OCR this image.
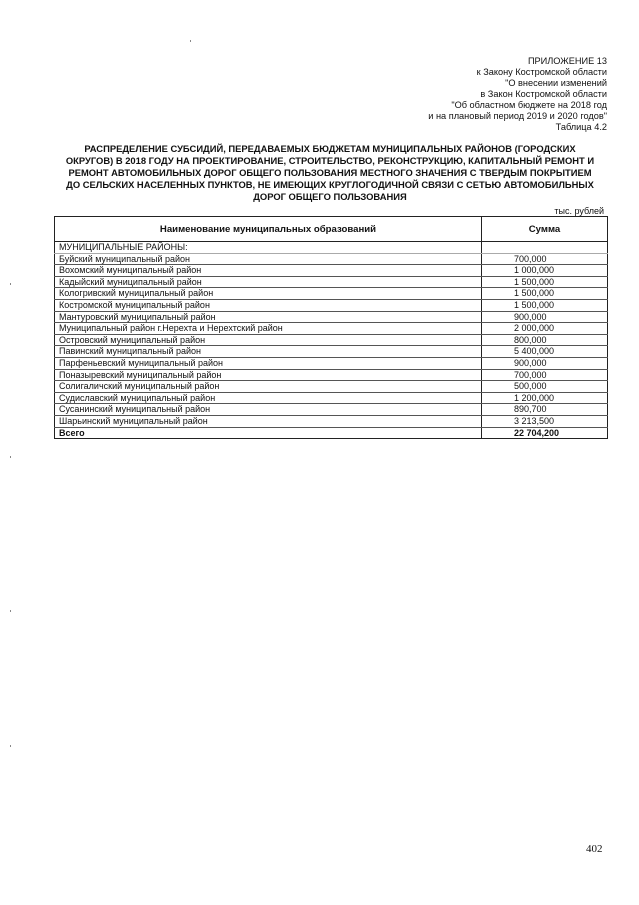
ПРИЛОЖЕНИЕ 13
к Закону Костромской области
"О внесении изменений
в Закон Костромской области
"Об областном бюджете на 2018 год
и на плановый период 2019 и 2020 годов"
Таблица 4.2
РАСПРЕДЕЛЕНИЕ СУБСИДИЙ, ПЕРЕДАВАЕМЫХ БЮДЖЕТАМ МУНИЦИПАЛЬНЫХ РАЙОНОВ (ГОРОДСКИХ
ОКРУГОВ) В 2018 ГОДУ НА ПРОЕКТИРОВАНИЕ, СТРОИТЕЛЬСТВО, РЕКОНСТРУКЦИЮ, КАПИТАЛЬНЫЙ РЕМОНТ И
РЕМОНТ АВТОМОБИЛЬНЫХ ДОРОГ ОБЩЕГО ПОЛЬЗОВАНИЯ МЕСТНОГО ЗНАЧЕНИЯ С ТВЕРДЫМ ПОКРЫТИЕМ
ДО СЕЛЬСКИХ НАСЕЛЕННЫХ ПУНКТОВ, НЕ ИМЕЮЩИХ КРУГЛОГОДИЧНОЙ СВЯЗИ С СЕТЬЮ АВТОМОБИЛЬНЫХ
ДОРОГ ОБЩЕГО ПОЛЬЗОВАНИЯ
тыс. рублей
Наименование муниципальных образований	Сумма
МУНИЦИПАЛЬНЫЕ РАЙОНЫ:	
Буйский муниципальный район	700,000
Вохомский муниципальный район	1 000,000
Кадыйский муниципальный район	1 500,000
Кологривский муниципальный район	1 500,000
Костромской муниципальный район	1 500,000
Мантуровский муниципальный район	900,000
Муниципальный район г.Нерехта и Нерехтский район	2 000,000
Островский муниципальный район	800,000
Павинский муниципальный район	5 400,000
Парфеньевский муниципальный район	900,000
Поназыревский муниципальный район	700,000
Солигаличский муниципальный район	500,000
Судиславский муниципальный район	1 200,000
Сусанинский муниципальный район	890,700
Шарьинский муниципальный район	3 213,500
Всего	22 704,200
402
